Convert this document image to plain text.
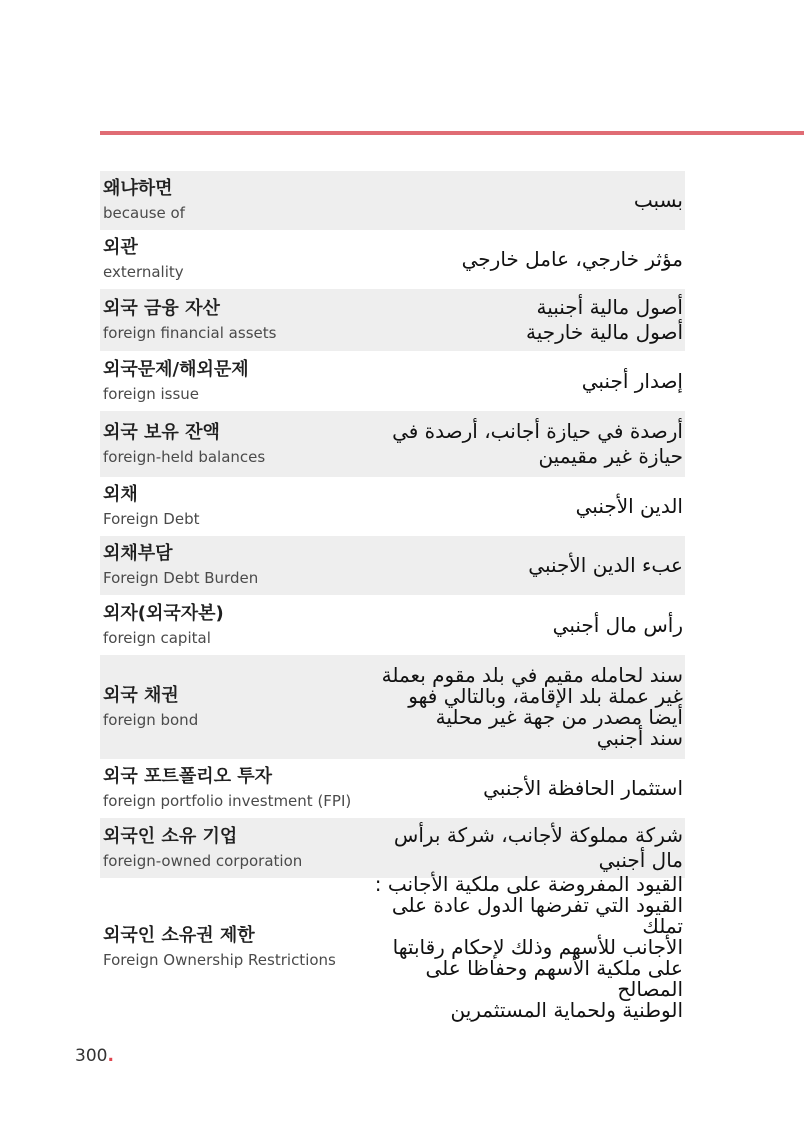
왜냐하면
because of
بسبب
외관
externality
مؤثر خارجي، عامل خارجي
외국 금융 자산
foreign financial assets
أصول مالية أجنبية
أصول مالية خارجية
외국문제/해외문제
foreign issue
إصدار أجنبي
외국 보유 잔액
foreign-held balances
أرصدة في حيازة أجانب، أرصدة في
حيازة غير مقيمين
외채
Foreign Debt
الدين الأجنبي
외채부담
Foreign Debt Burden
عبء الدين الأجنبي
외자(외국자본)
foreign capital
رأس مال أجنبي
외국 채권
foreign bond
سند لحامله مقيم في بلد مقوم بعملة
غير عملة بلد الإقامة، وبالتالي فهو
أيضا مصدر من جهة غير محلية
سند أجنبي
외국 포트폴리오 투자
foreign portfolio investment (FPI)
استثمار الحافظة الأجنبي
외국인 소유 기업
foreign-owned corporation
شركة مملوكة لأجانب، شركة برأس
مال أجنبي
외국인 소유권 제한
Foreign Ownership Restrictions
القيود المفروضة على ملكية الأجانب :
القيود التي تفرضها الدول عادة على تملك
الأجانب للأسهم وذلك لإحكام رقابتها
على ملكية الأسهم وحفاظا على المصالح
الوطنية ولحماية المستثمرين
300.
